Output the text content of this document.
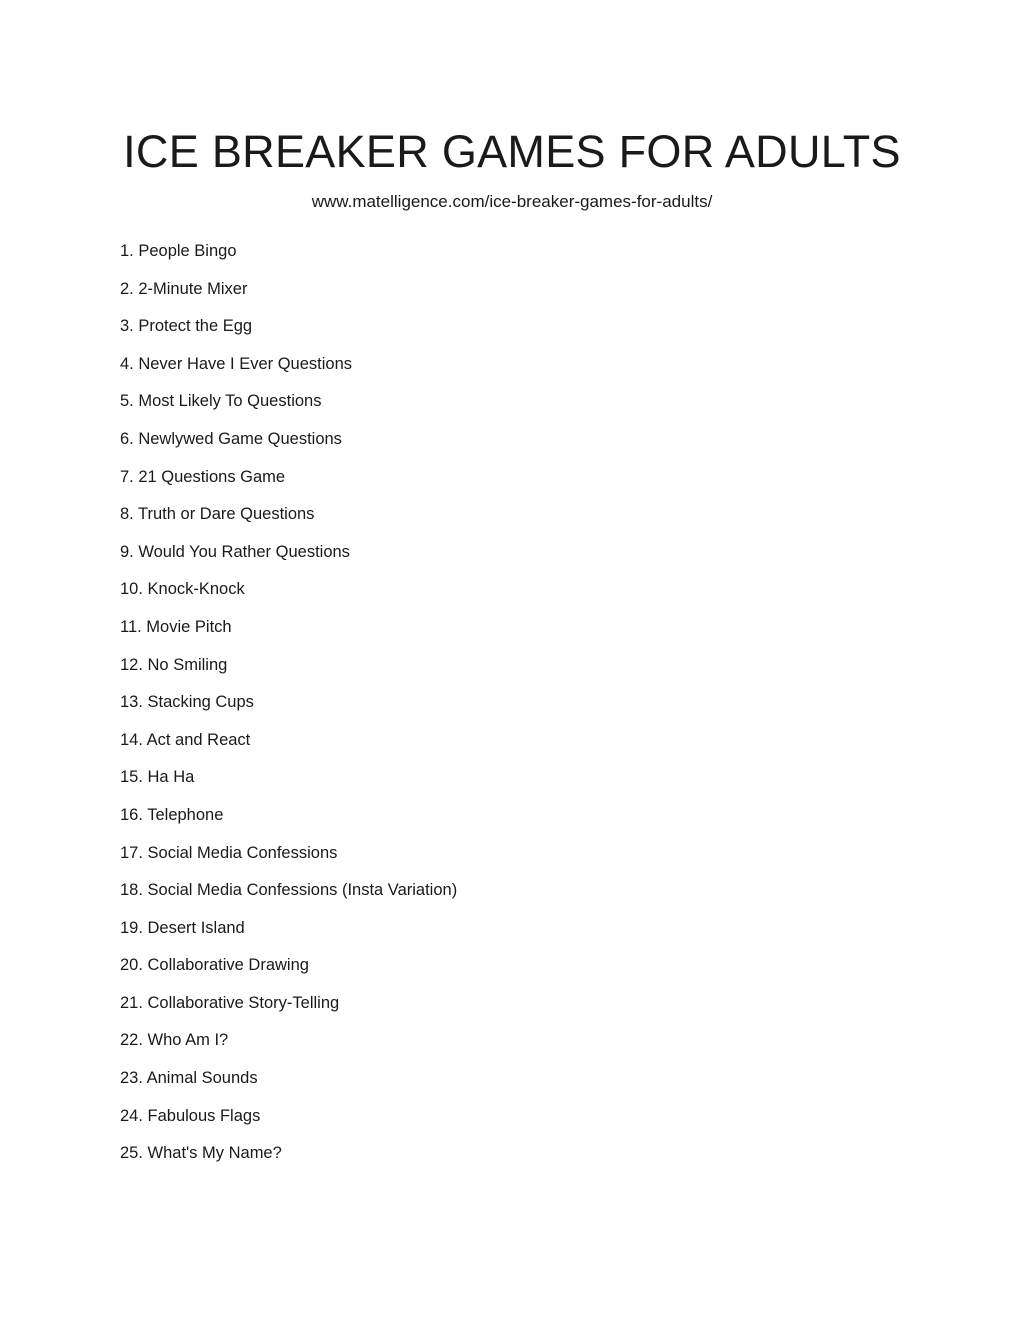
ICE BREAKER GAMES FOR ADULTS
www.matelligence.com/ice-breaker-games-for-adults/
1. People Bingo
2. 2-Minute Mixer
3. Protect the Egg
4. Never Have I Ever Questions
5. Most Likely To Questions
6. Newlywed Game Questions
7. 21 Questions Game
8. Truth or Dare Questions
9. Would You Rather Questions
10. Knock-Knock
11. Movie Pitch
12. No Smiling
13. Stacking Cups
14. Act and React
15. Ha Ha
16. Telephone
17. Social Media Confessions
18. Social Media Confessions (Insta Variation)
19. Desert Island
20. Collaborative Drawing
21. Collaborative Story-Telling
22. Who Am I?
23. Animal Sounds
24. Fabulous Flags
25. What's My Name?
